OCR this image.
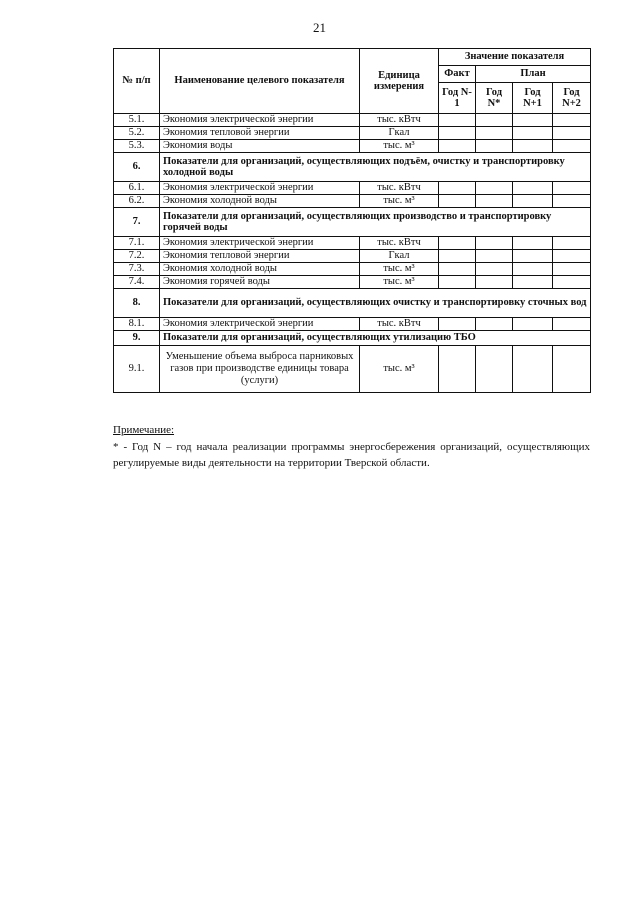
21
№ п/п	Наименование целевого показателя	Единица измерения	Значение показателя			
			Факт	План		
			Год N-1	Год N*	Год N+1	Год N+2
5.1.	Экономия электрической энергии	тыс. кВтч				
5.2.	Экономия тепловой энергии	Гкал				
5.3.	Экономия воды	тыс. м³				
6.	Показатели для организаций, осуществляющих подъём, очистку и транспортировку холодной воды					
6.1.	Экономия электрической энергии	тыс. кВтч				
6.2.	Экономия холодной воды	тыс. м³				
7.	Показатели для организаций, осуществляющих производство и транспортировку горячей воды					
7.1.	Экономия электрической энергии	тыс. кВтч				
7.2.	Экономия тепловой энергии	Гкал				
7.3.	Экономия холодной воды	тыс. м³				
7.4.	Экономия горячей воды	тыс. м³				
8.	Показатели для организаций, осуществляющих очистку и транспортировку сточных вод					
8.1.	Экономия электрической энергии	тыс. кВтч				
9.	Показатели для организаций, осуществляющих утилизацию ТБО					
9.1.	Уменьшение объема выброса парниковых газов при производстве единицы товара (услуги)	тыс. м³				
Примечание:
* - Год N – год начала реализации программы энергосбережения организаций, осуществляющих регулируемые виды деятельности на территории Тверской области.
